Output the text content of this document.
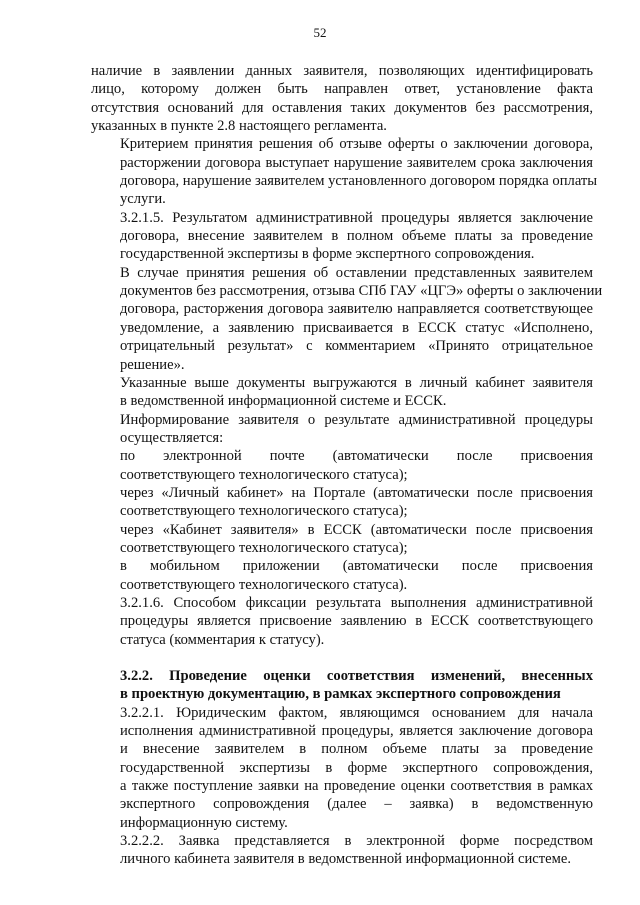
52
наличие в заявлении данных заявителя, позволяющих идентифицировать
лицо, которому должен быть направлен ответ, установление факта
отсутствия оснований для оставления таких документов без рассмотрения,
указанных в пункте 2.8 настоящего регламента.
Критерием принятия решения об отзыве оферты о заключении договора,
расторжении договора выступает нарушение заявителем срока заключения
договора, нарушение заявителем установленного договором порядка оплаты
услуги.
3.2.1.5. Результатом административной процедуры является заключение
договора, внесение заявителем в полном объеме платы за проведение
государственной экспертизы в форме экспертного сопровождения.
В случае принятия решения об оставлении представленных заявителем
документов без рассмотрения, отзыва СПб ГАУ «ЦГЭ» оферты о заключении
договора, расторжения договора заявителю направляется соответствующее
уведомление, а заявлению присваивается в ЕССК статус «Исполнено,
отрицательный результат» с комментарием «Принято отрицательное
решение».
Указанные выше документы выгружаются в личный кабинет заявителя
в ведомственной информационной системе и ЕССК.
Информирование заявителя о результате административной процедуры
осуществляется:
по электронной почте (автоматически после присвоения
соответствующего технологического статуса);
через «Личный кабинет» на Портале (автоматически после присвоения
соответствующего технологического статуса);
через «Кабинет заявителя» в ЕССК (автоматически после присвоения
соответствующего технологического статуса);
в мобильном приложении (автоматически после присвоения
соответствующего технологического статуса).
3.2.1.6. Способом фиксации результата выполнения административной
процедуры является присвоение заявлению в ЕССК соответствующего
статуса (комментария к статусу).
3.2.2. Проведение оценки соответствия изменений, внесенных
в проектную документацию, в рамках экспертного сопровождения
3.2.2.1. Юридическим фактом, являющимся основанием для начала
исполнения административной процедуры, является заключение договора
и внесение заявителем в полном объеме платы за проведение
государственной экспертизы в форме экспертного сопровождения,
а также поступление заявки на проведение оценки соответствия в рамках
экспертного сопровождения (далее – заявка) в ведомственную
информационную систему.
3.2.2.2. Заявка представляется в электронной форме посредством
личного кабинета заявителя в ведомственной информационной системе.
